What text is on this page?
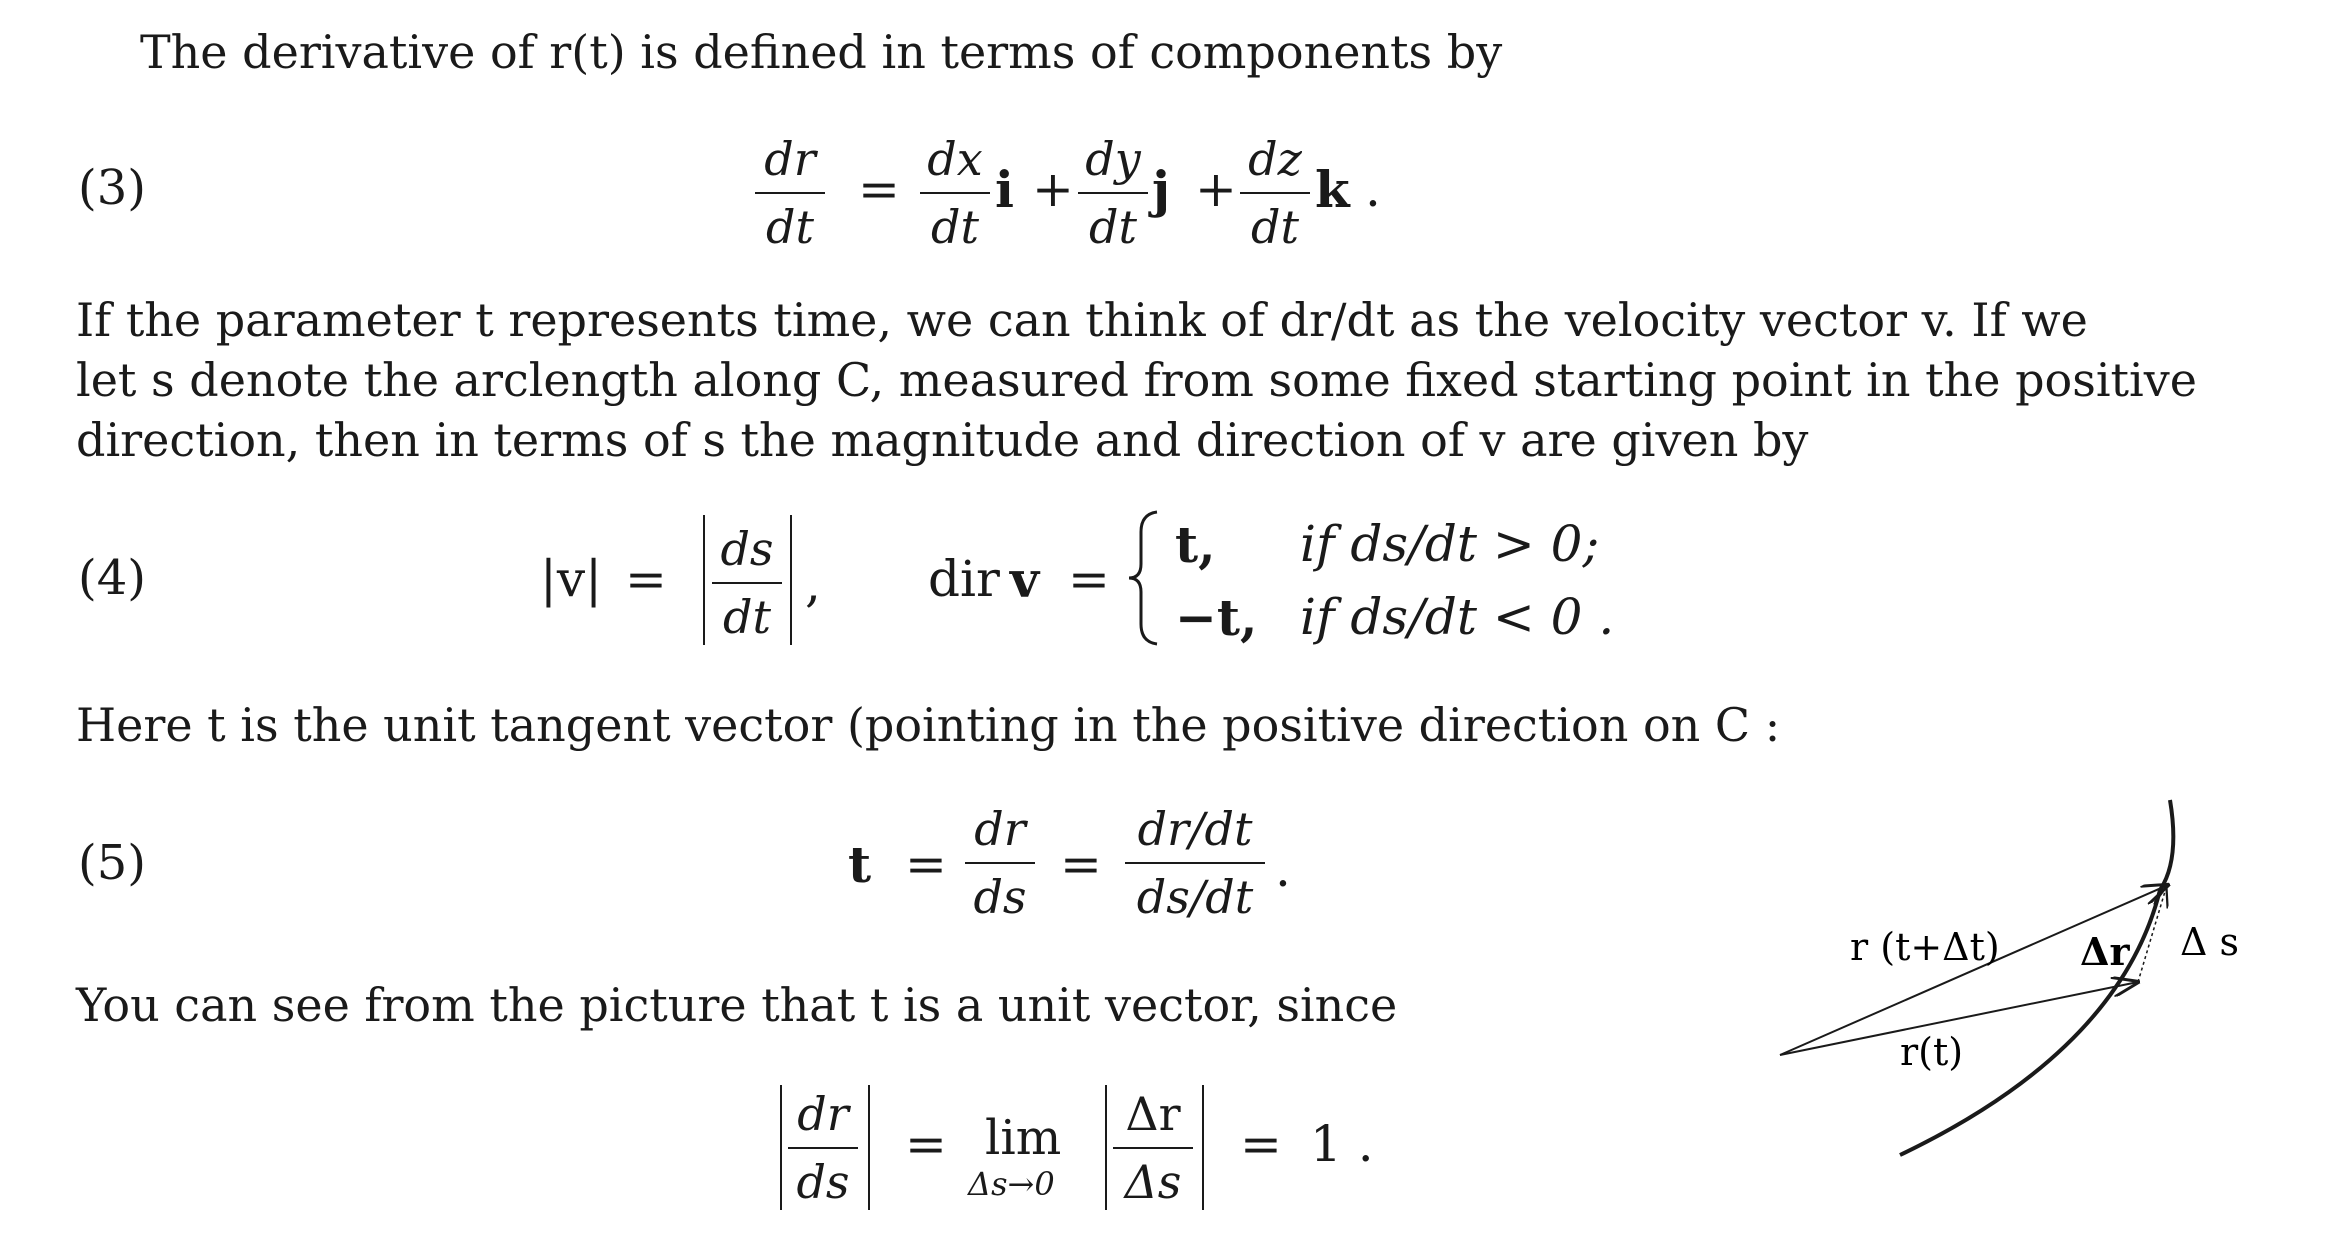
The derivative of r(t) is defined in terms of components by
(3)
dr
dt
=
dx
dt
i +
dy
dt
j +
dz
dt
k .
If the parameter t represents time, we can think of dr/dt as the velocity vector v. If we
let s denote the arclength along C, measured from some fixed starting point in the positive
direction, then in terms of s the magnitude and direction of v are given by
(4)	|v| =
ds
dt
, dir v =
t, if ds/dt > 0;
−t, if ds/dt < 0 .
Here t is the unit tangent vector (pointing in the positive direction on C :
(5)	t =
dr
ds
=
dr/dt
ds/dt .
You can see from the picture that t is a unit vector, since
dr
ds
= lim
Δs→0
Δr
Δs
= 1 .
r (t+Δt) Δr Δ s
r(t)
